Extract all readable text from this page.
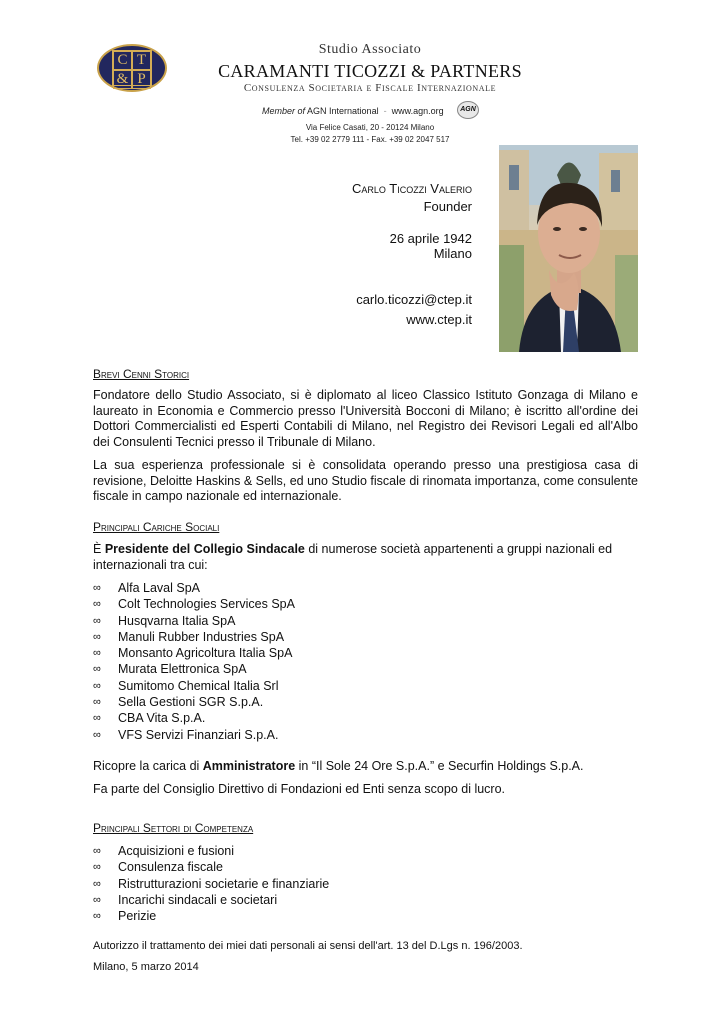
C T
& P
Studio Associato
CARAMANTI TICOZZI & PARTNERS
Consulenza Societaria e Fiscale Internazionale
Member of AGN International - www.agn.org	AGN
Via Felice Casati, 20 - 20124 Milano
Tel. +39 02 2779 111 - Fax. +39 02 2047 517
Carlo Ticozzi Valerio
Founder
26 aprile 1942
Milano
carlo.ticozzi@ctep.it
www.ctep.it
Brevi Cenni Storici
Fondatore dello Studio Associato, si è diplomato al liceo Classico Istituto Gonzaga di Milano e laureato in Economia e Commercio presso l'Università Bocconi di Milano; è iscritto all'ordine dei Dottori Commercialisti ed Esperti Contabili di Milano, nel Registro dei Revisori Legali ed all'Albo dei Consulenti Tecnici presso il Tribunale di Milano.
La sua esperienza professionale si è consolidata operando presso una prestigiosa casa di revisione, Deloitte Haskins & Sells, ed uno Studio fiscale di rinomata importanza, come consulente fiscale in campo nazionale ed internazionale.
Principali Cariche Sociali
È Presidente del Collegio Sindacale di numerose società appartenenti a gruppi nazionali ed internazionali tra cui:
∞	Alfa Laval SpA
∞	Colt Technologies Services SpA
∞	Husqvarna Italia SpA
∞	Manuli Rubber Industries SpA
∞	Monsanto Agricoltura Italia SpA
∞	Murata Elettronica SpA
∞	Sumitomo Chemical Italia Srl
∞	Sella Gestioni SGR S.p.A.
∞	CBA Vita S.p.A.
∞	VFS Servizi Finanziari S.p.A.
Ricopre la carica di Amministratore in “Il Sole 24 Ore S.p.A.” e Securfin Holdings S.p.A.
Fa parte del Consiglio Direttivo di Fondazioni ed Enti senza scopo di lucro.
Principali Settori di Competenza
∞	Acquisizioni e fusioni
∞	Consulenza fiscale
∞	Ristrutturazioni societarie e finanziarie
∞	Incarichi sindacali e societari
∞	Perizie
Autorizzo il trattamento dei miei dati personali ai sensi dell'art. 13 del D.Lgs n. 196/2003.
Milano, 5 marzo 2014
